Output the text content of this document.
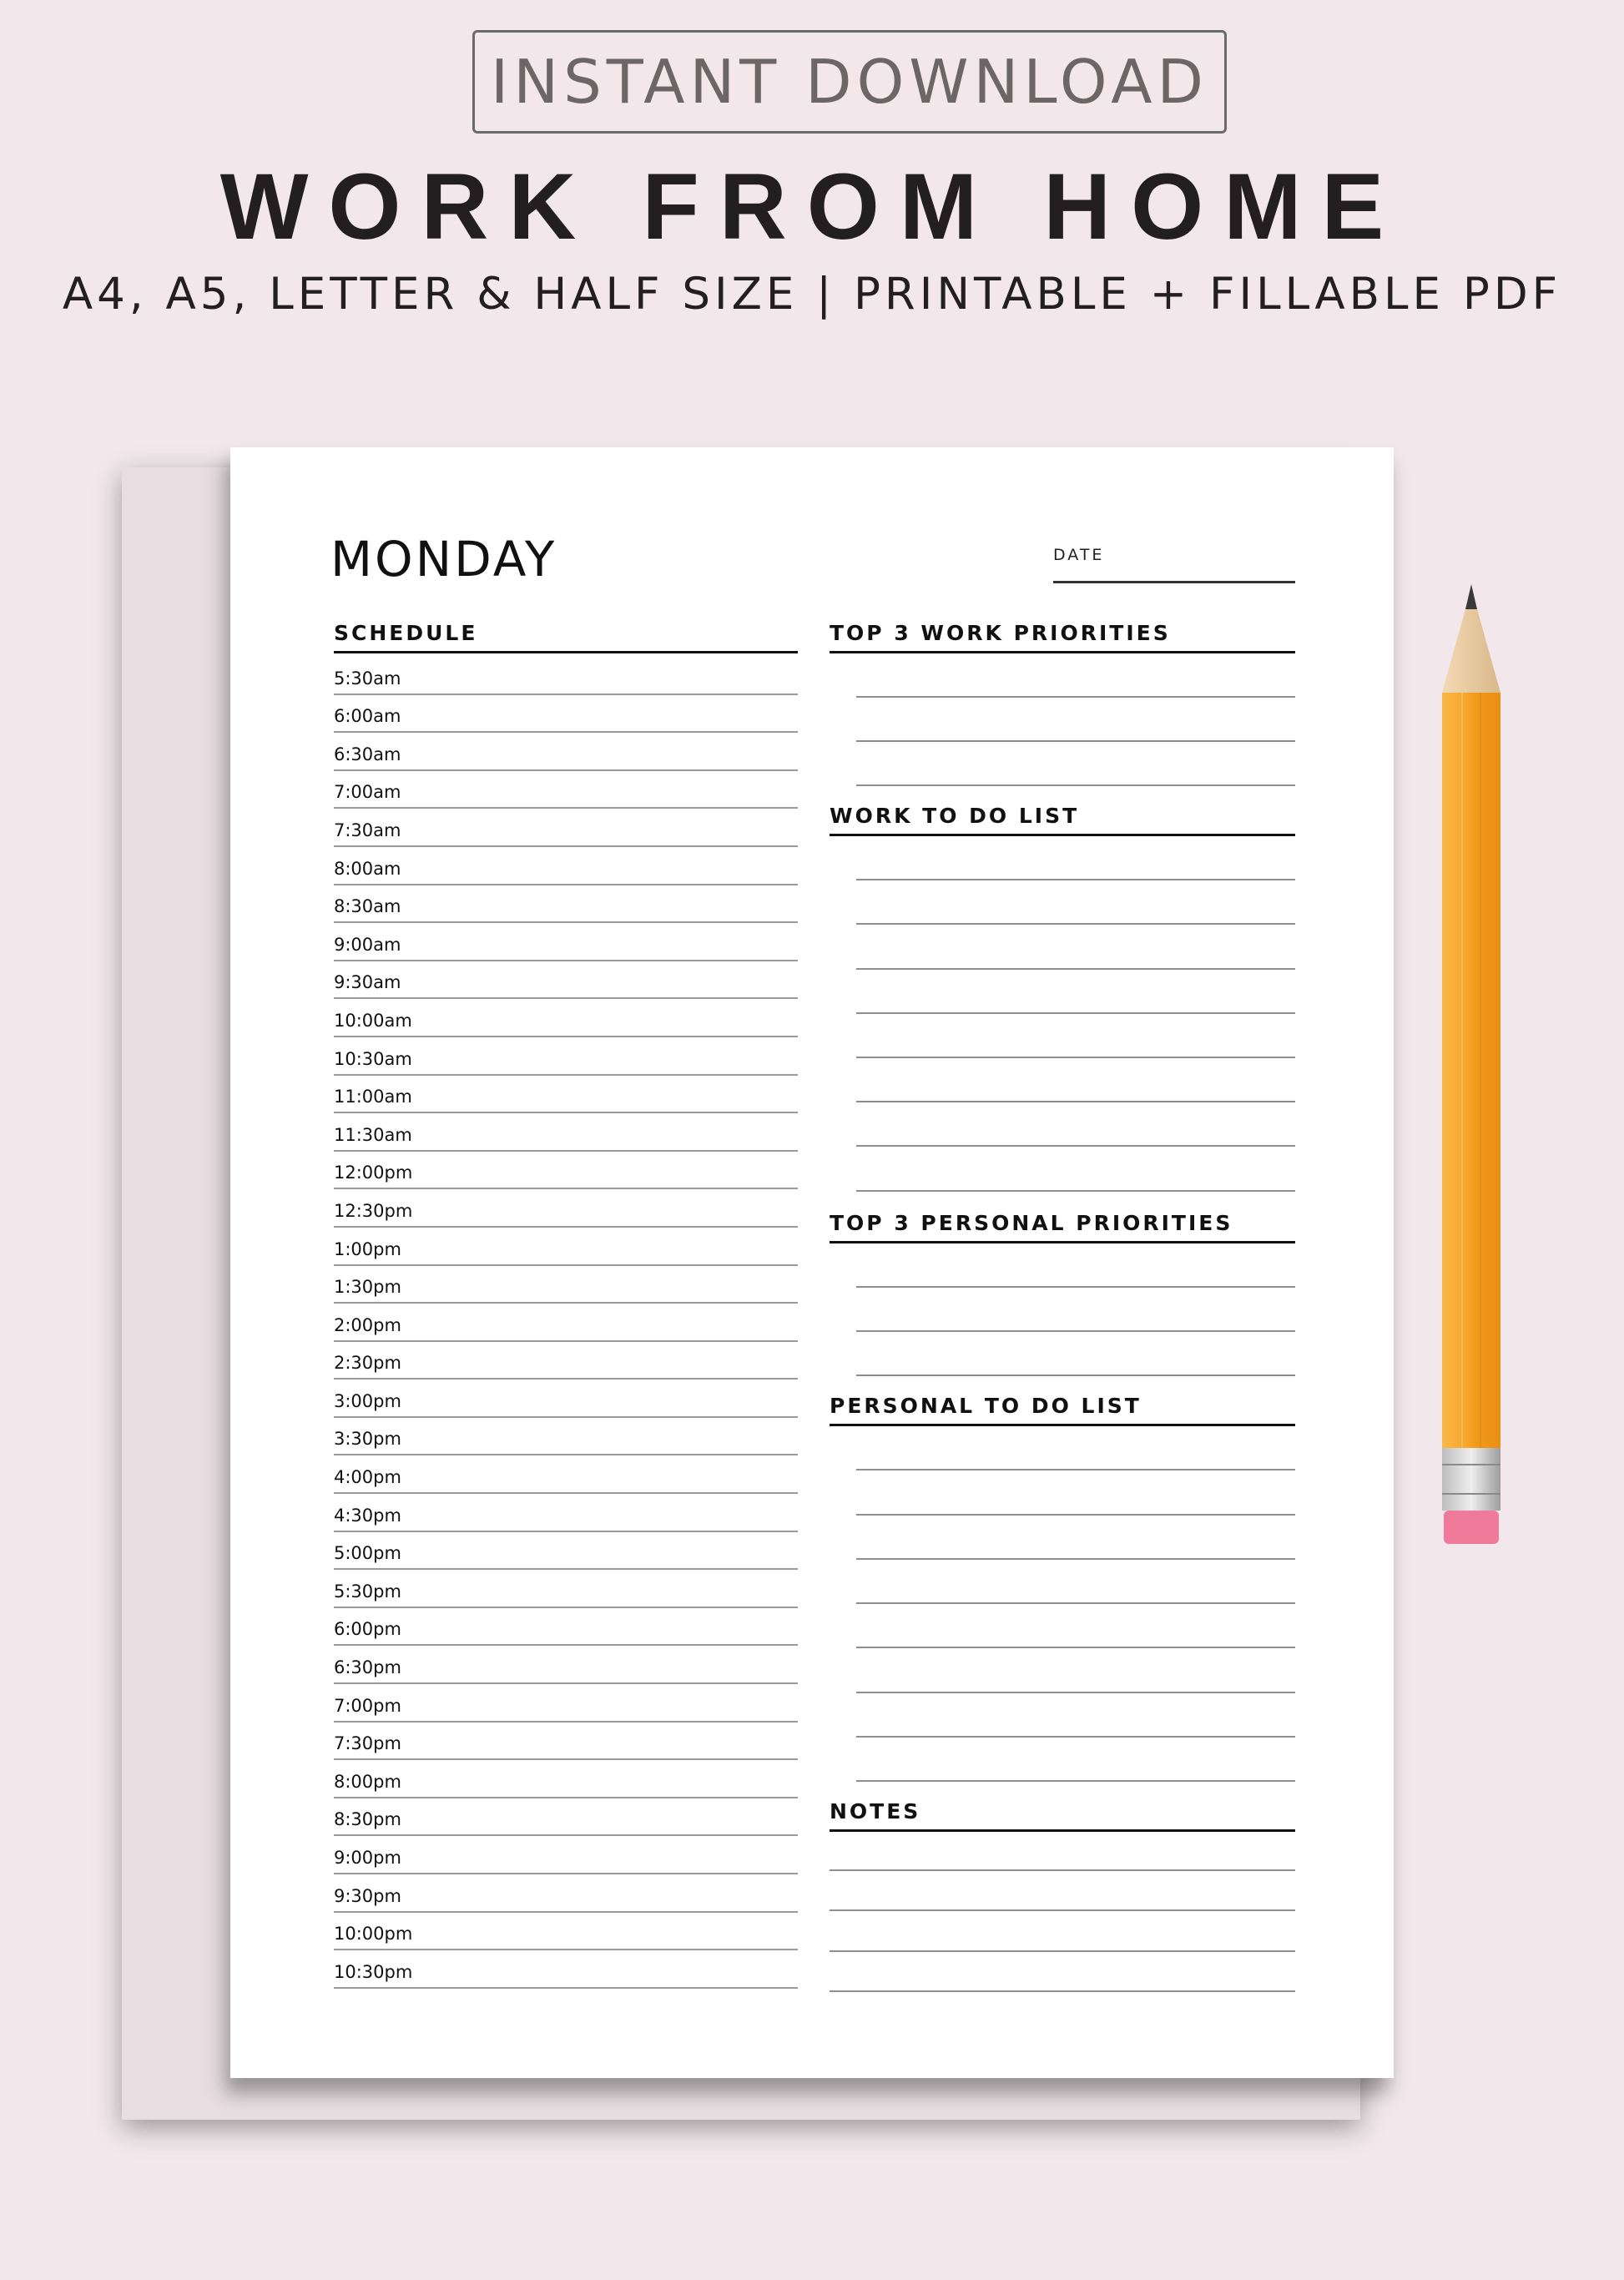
INSTANT DOWNLOAD
WORK FROM HOME
A4, A5, LETTER & HALF SIZE | PRINTABLE + FILLABLE PDF
MONDAY	DATE
SCHEDULE
5:30am
6:00am
6:30am
7:00am
7:30am
8:00am
8:30am
9:00am
9:30am
10:00am
10:30am
11:00am
11:30am
12:00pm
12:30pm
1:00pm
1:30pm
2:00pm
2:30pm
3:00pm
3:30pm
4:00pm
4:30pm
5:00pm
5:30pm
6:00pm
6:30pm
7:00pm
7:30pm
8:00pm
8:30pm
9:00pm
9:30pm
10:00pm
10:30pm
TOP 3 WORK PRIORITIES
WORK TO DO LIST
TOP 3 PERSONAL PRIORITIES
PERSONAL TO DO LIST
NOTES
